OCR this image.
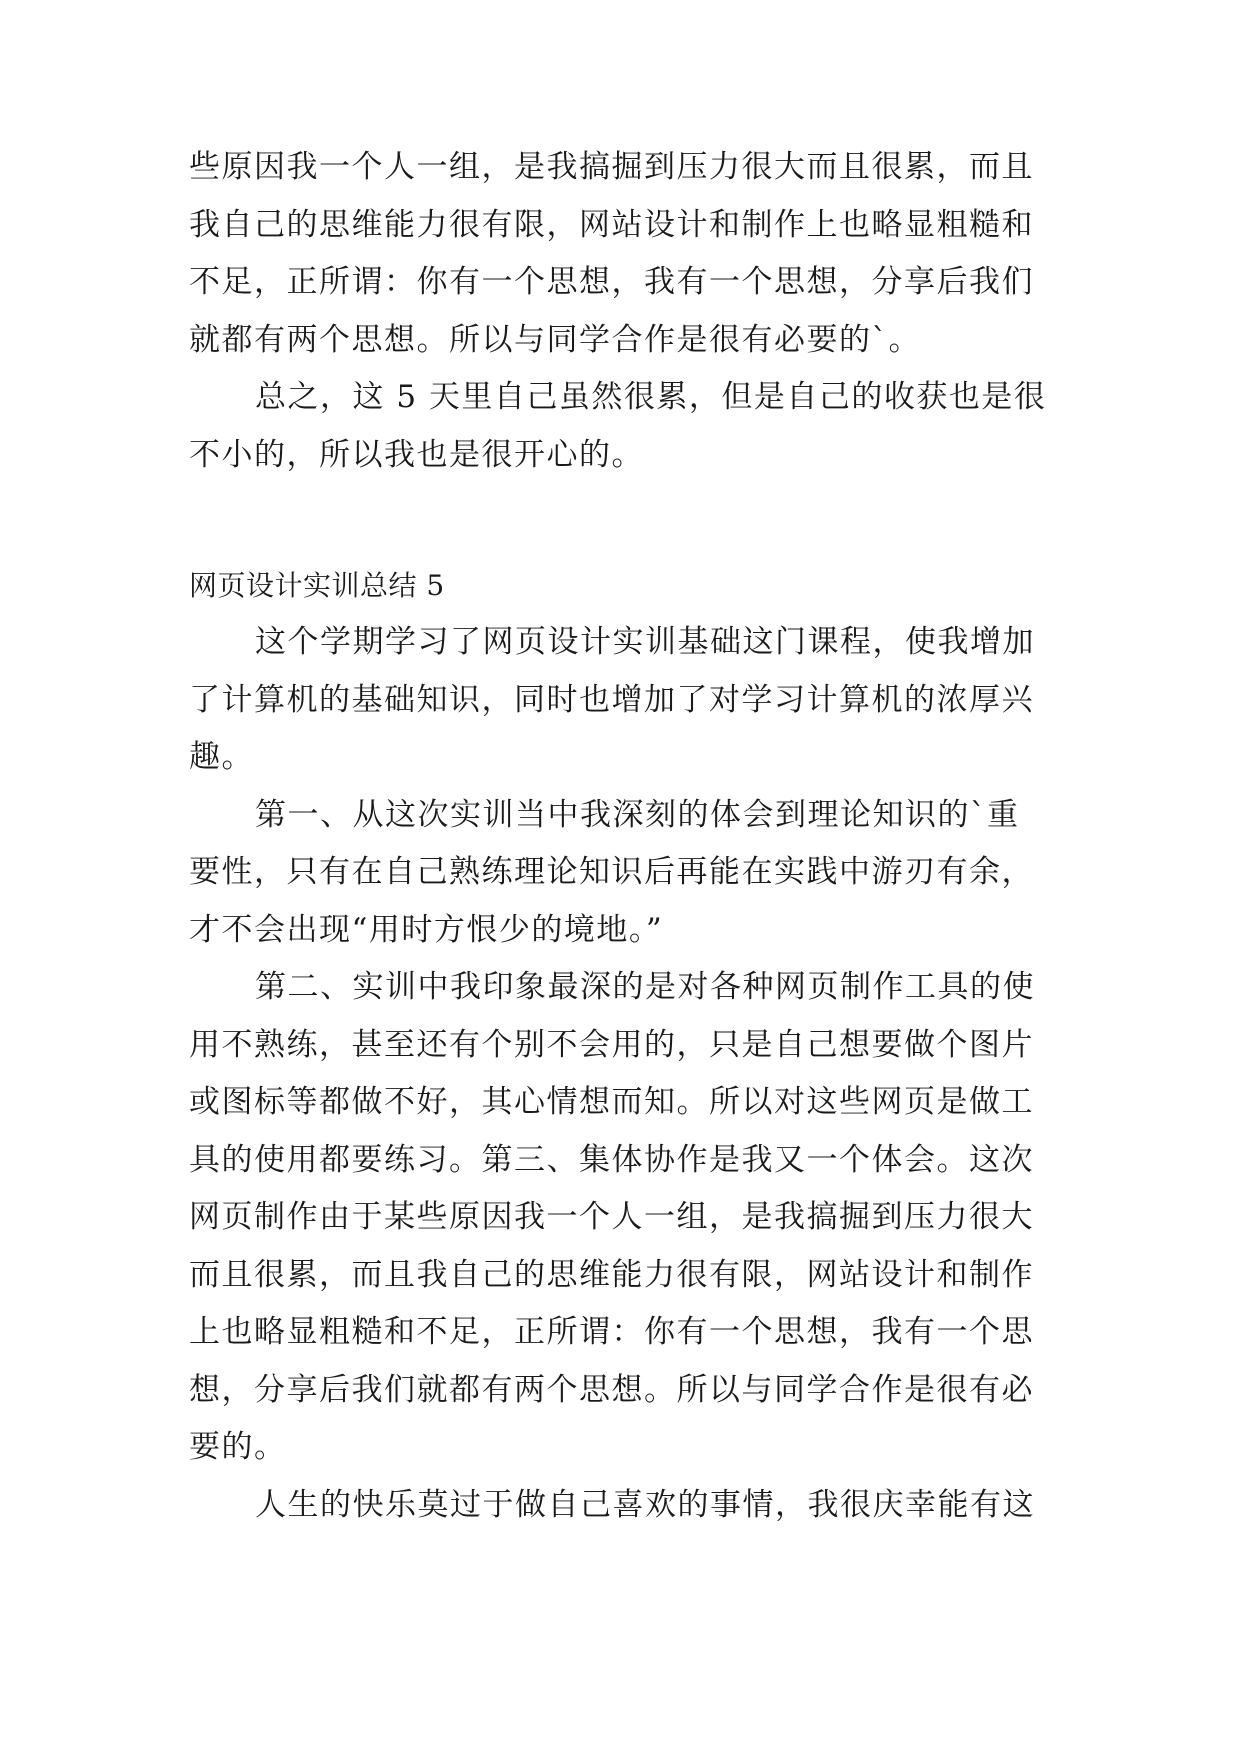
些原因我一个人一组，是我搞掘到压力很大而且很累，而且
我自己的思维能力很有限，网站设计和制作上也略显粗糙和
不足，正所谓：你有一个思想，我有一个思想，分享后我们
就都有两个思想。所以与同学合作是很有必要的`。
总之，这 5 天里自己虽然很累，但是自己的收获也是很
不小的，所以我也是很开心的。
网页设计实训总结 5
这个学期学习了网页设计实训基础这门课程，使我增加
了计算机的基础知识，同时也增加了对学习计算机的浓厚兴
趣。
第一、从这次实训当中我深刻的体会到理论知识的`重
要性，只有在自己熟练理论知识后再能在实践中游刃有余，
才不会出现“用时方恨少的境地。”
第二、实训中我印象最深的是对各种网页制作工具的使
用不熟练，甚至还有个别不会用的，只是自己想要做个图片
或图标等都做不好，其心情想而知。所以对这些网页是做工
具的使用都要练习。第三、集体协作是我又一个体会。这次
网页制作由于某些原因我一个人一组，是我搞掘到压力很大
而且很累，而且我自己的思维能力很有限，网站设计和制作
上也略显粗糙和不足，正所谓：你有一个思想，我有一个思
想，分享后我们就都有两个思想。所以与同学合作是很有必
要的。
人生的快乐莫过于做自己喜欢的事情，我很庆幸能有这
